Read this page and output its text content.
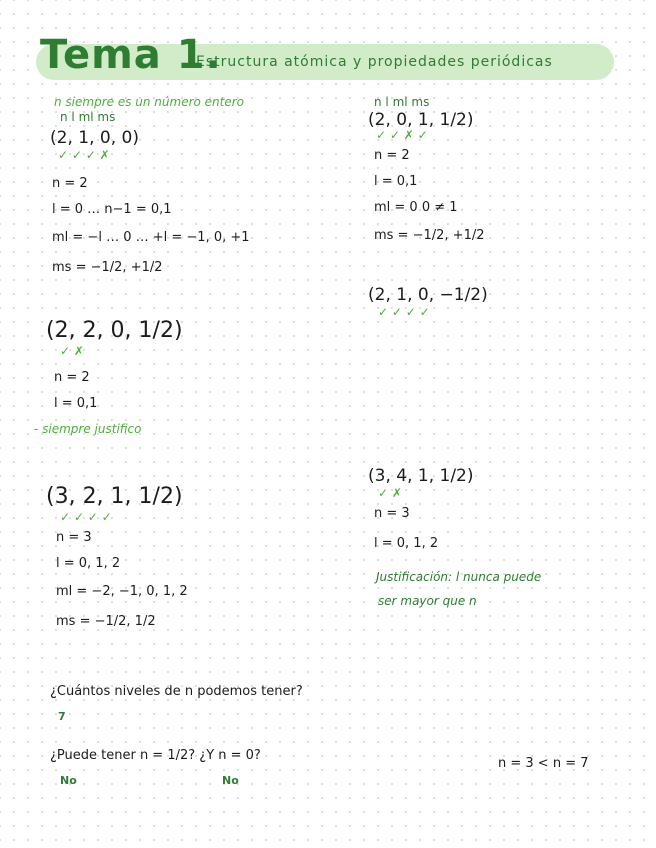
Tema 1.
Estructura atómica y propiedades periódicas
n siempre es un número entero
n l ml ms
(2, 1, 0, 0)
✓ ✓ ✓ ✗
n = 2
l = 0 … n−1 = 0,1
ml = −l … 0 … +l = −1, 0, +1
ms = −1/2, +1/2
n l ml ms
(2, 0, 1, 1/2)
✓ ✓ ✗ ✓
n = 2
l = 0,1
ml = 0 0 ≠ 1
ms = −1/2, +1/2
(2, 1, 0, −1/2)
✓ ✓ ✓ ✓
(2, 2, 0, 1/2)
✓ ✗
n = 2
l = 0,1
- siempre justifico
(3, 2, 1, 1/2)
✓ ✓ ✓ ✓
n = 3
l = 0, 1, 2
ml = −2, −1, 0, 1, 2
ms = −1/2, 1/2
(3, 4, 1, 1/2)
✓ ✗
n = 3
l = 0, 1, 2
Justificación: l nunca puede
ser mayor que n
¿Cuántos niveles de n podemos tener?
7
¿Puede tener n = 1/2? ¿Y n = 0?
No	No
n = 3 < n = 7
